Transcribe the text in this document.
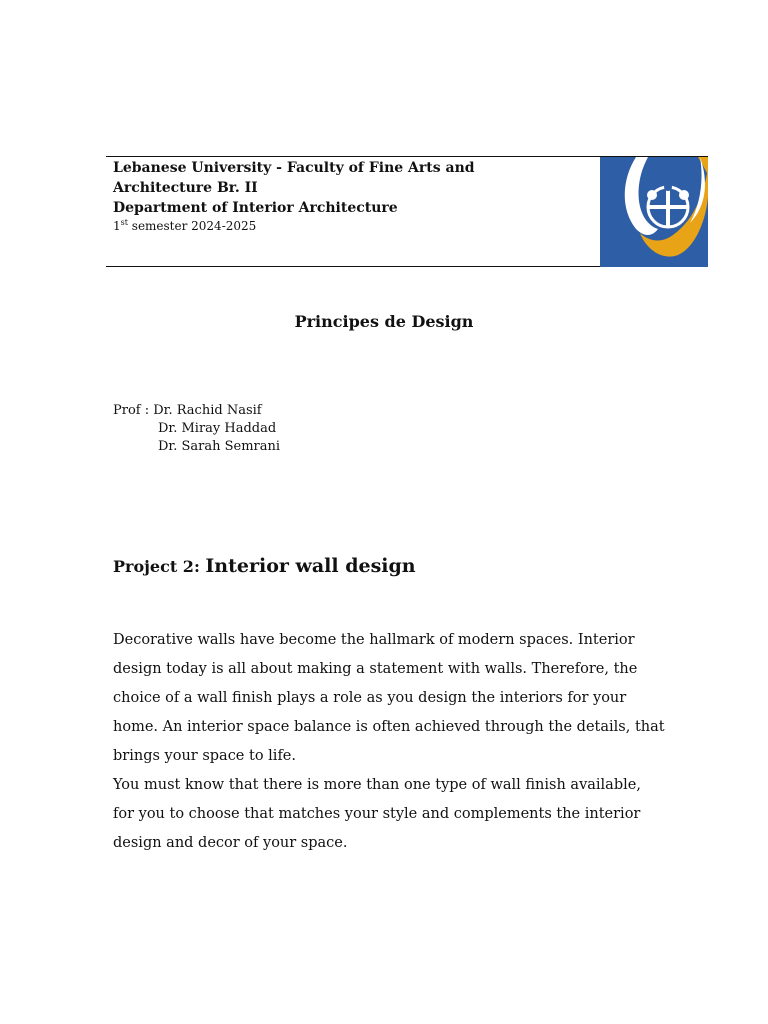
Lebanese University - Faculty of Fine Arts and

Architecture Br. II

Department of Interior Architecture

1st semester 2024-2025

Principes de Design
Prof : Dr. Rachid Nasif
Dr. Miray Haddad
Dr. Sarah Semrani
Project 2: Interior wall design

Decorative walls have become the hallmark of modern spaces. Interior design today is all about making a statement with walls. Therefore, the choice of a wall finish plays a role as you design the interiors for your home. An interior space balance is often achieved through the details, that brings your space to life.

You must know that there is more than one type of wall finish available, for you to choose that matches your style and complements the interior design and decor of your space.
